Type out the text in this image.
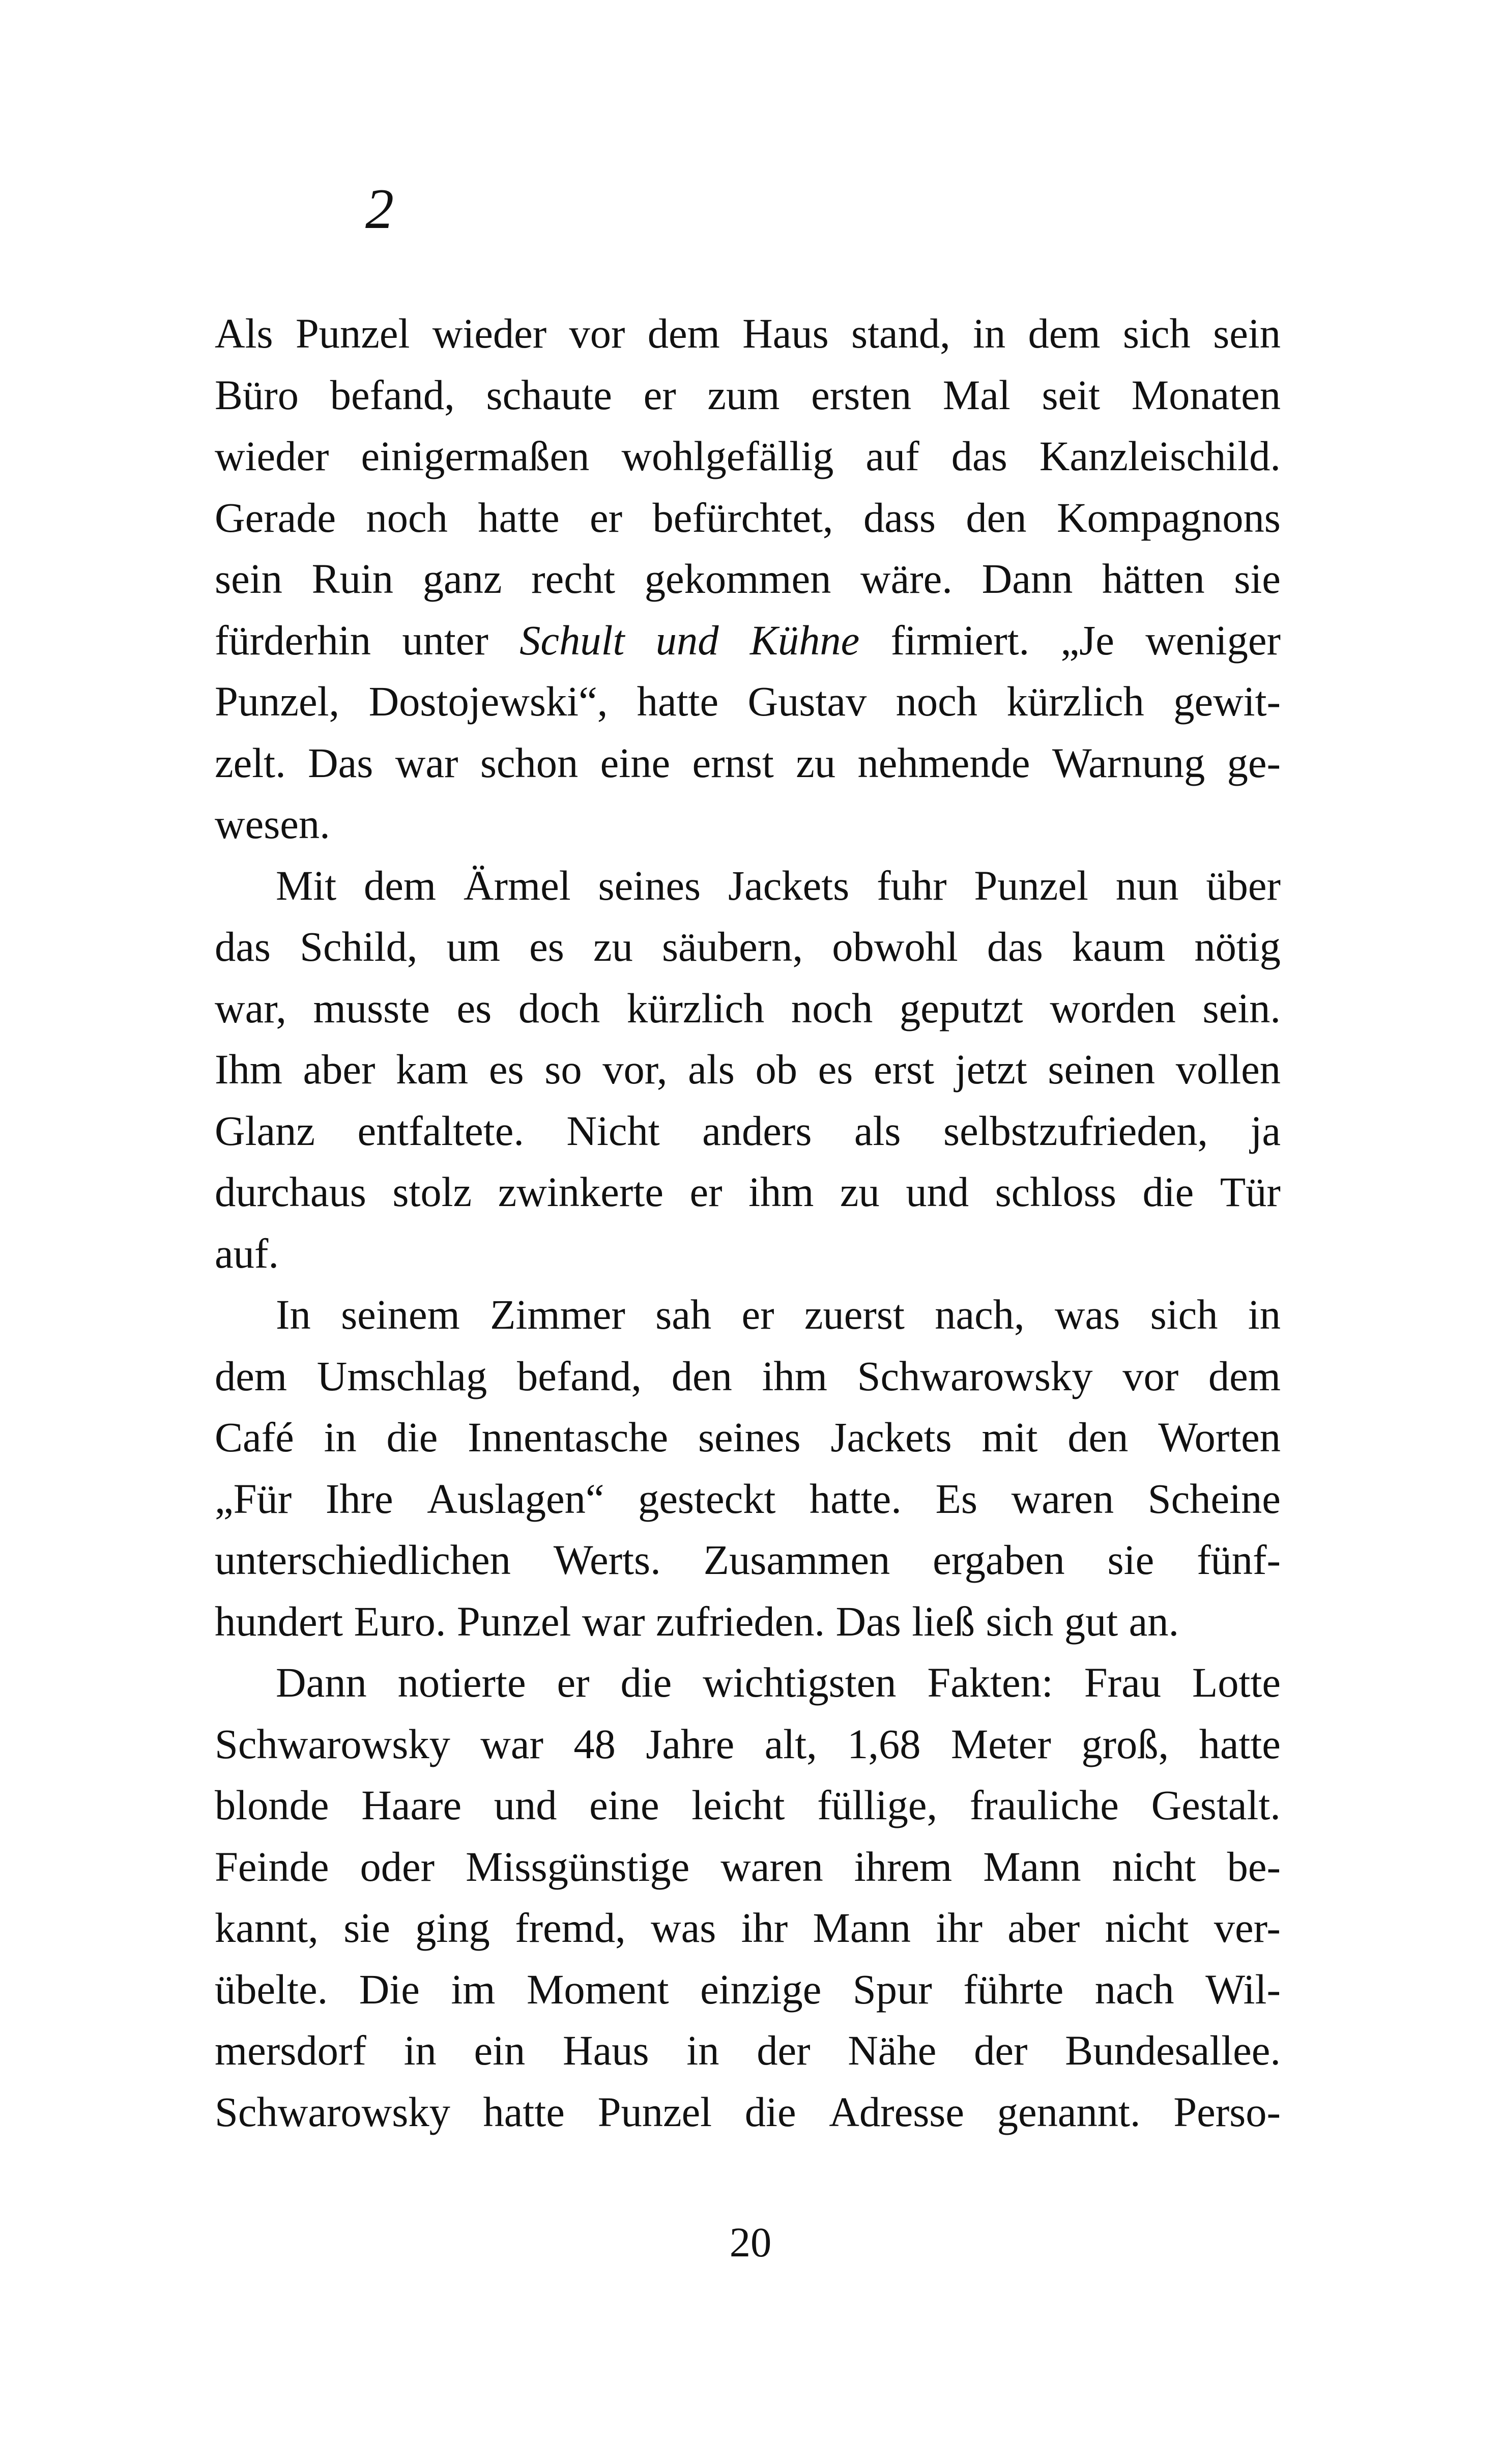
2
Als Punzel wieder vor dem Haus stand, in dem sich sein
Büro befand, schaute er zum ersten Mal seit Monaten
wieder einigermaßen wohlgefällig auf das Kanzleischild.
Gerade noch hatte er befürchtet, dass den Kompagnons
sein Ruin ganz recht gekommen wäre. Dann hätten sie
fürderhin unter Schult und Kühne firmiert. „Je weniger
Punzel, Dostojewski“, hatte Gustav noch kürzlich gewit-
zelt. Das war schon eine ernst zu nehmende Warnung ge-
wesen.
Mit dem Ärmel seines Jackets fuhr Punzel nun über
das Schild, um es zu säubern, obwohl das kaum nötig
war, musste es doch kürzlich noch geputzt worden sein.
Ihm aber kam es so vor, als ob es erst jetzt seinen vollen
Glanz entfaltete. Nicht anders als selbstzufrieden, ja
durchaus stolz zwinkerte er ihm zu und schloss die Tür
auf.
In seinem Zimmer sah er zuerst nach, was sich in
dem Umschlag befand, den ihm Schwarowsky vor dem
Café in die Innentasche seines Jackets mit den Worten
„Für Ihre Auslagen“ gesteckt hatte. Es waren Scheine
unterschiedlichen Werts. Zusammen ergaben sie fünf-
hundert Euro. Punzel war zufrieden. Das ließ sich gut an.
Dann notierte er die wichtigsten Fakten: Frau Lotte
Schwarowsky war 48 Jahre alt, 1,68 Meter groß, hatte
blonde Haare und eine leicht füllige, frauliche Gestalt.
Feinde oder Missgünstige waren ihrem Mann nicht be-
kannt, sie ging fremd, was ihr Mann ihr aber nicht ver-
übelte. Die im Moment einzige Spur führte nach Wil-
mersdorf in ein Haus in der Nähe der Bundesallee.
Schwarowsky hatte Punzel die Adresse genannt. Perso-
20
